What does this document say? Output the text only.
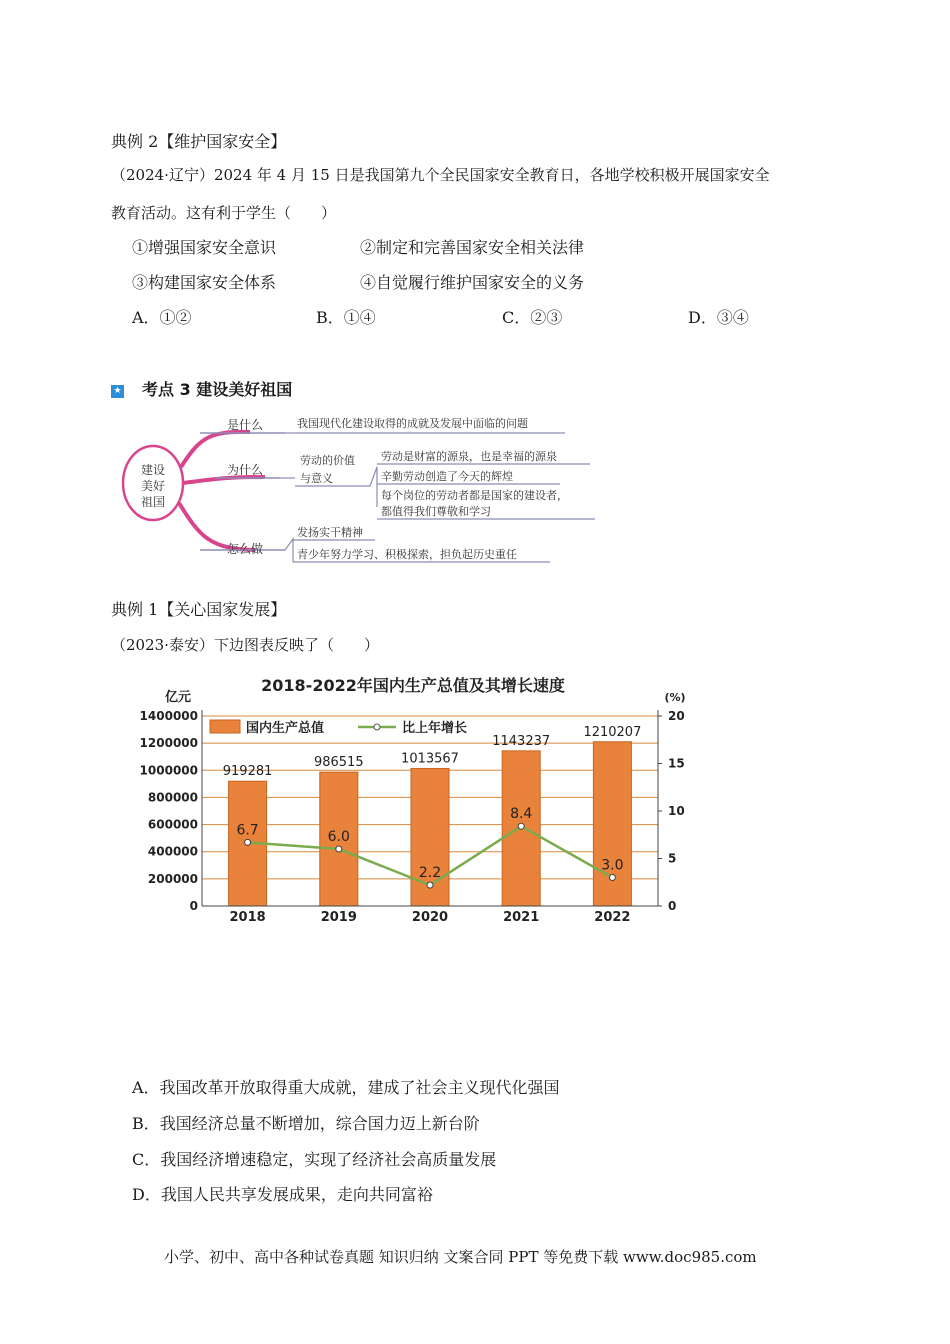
典例 2【维护国家安全】
（2024·辽宁）2024 年 4 月 15 日是我国第九个全民国家安全教育日，各地学校积极开展国家安全
教育活动。这有利于学生（　　）
①增强国家安全意识	②制定和完善国家安全相关法律
③构建国家安全体系	④自觉履行维护国家安全的义务
A．①②	B．①④	C．②③	D．③④
★ 考点 3 建设美好祖国
建设
美好
祖国
是什么	我国现代化建设取得的成就及发展中面临的问题
为什么
劳动的价值
与意义
劳动是财富的源泉，也是幸福的源泉
辛勤劳动创造了今天的辉煌
每个岗位的劳动者都是国家的建设者，
都值得我们尊敬和学习
怎么做
发扬实干精神
青少年努力学习、积极探索，担负起历史重任
典例 1【关心国家发展】
（2023·泰安）下边图表反映了（　　）
2018-2022年国内生产总值及其增长速度
亿元	(%)
919281
2018
986515
2019
1013567
2020
1143237
2021
1210207
2022
6.7	6.0
2.2
8.4
3.0
0
200000
400000
600000
800000
1000000
1200000
1400000
0
5
10
15
20
国内生产总值	比上年增长
A．我国改革开放取得重大成就，建成了社会主义现代化强国
B．我国经济总量不断增加，综合国力迈上新台阶
C．我国经济增速稳定，实现了经济社会高质量发展
D．我国人民共享发展成果，走向共同富裕
小学、初中、高中各种试卷真题 知识归纳 文案合同 PPT 等免费下载 www.doc985.com
